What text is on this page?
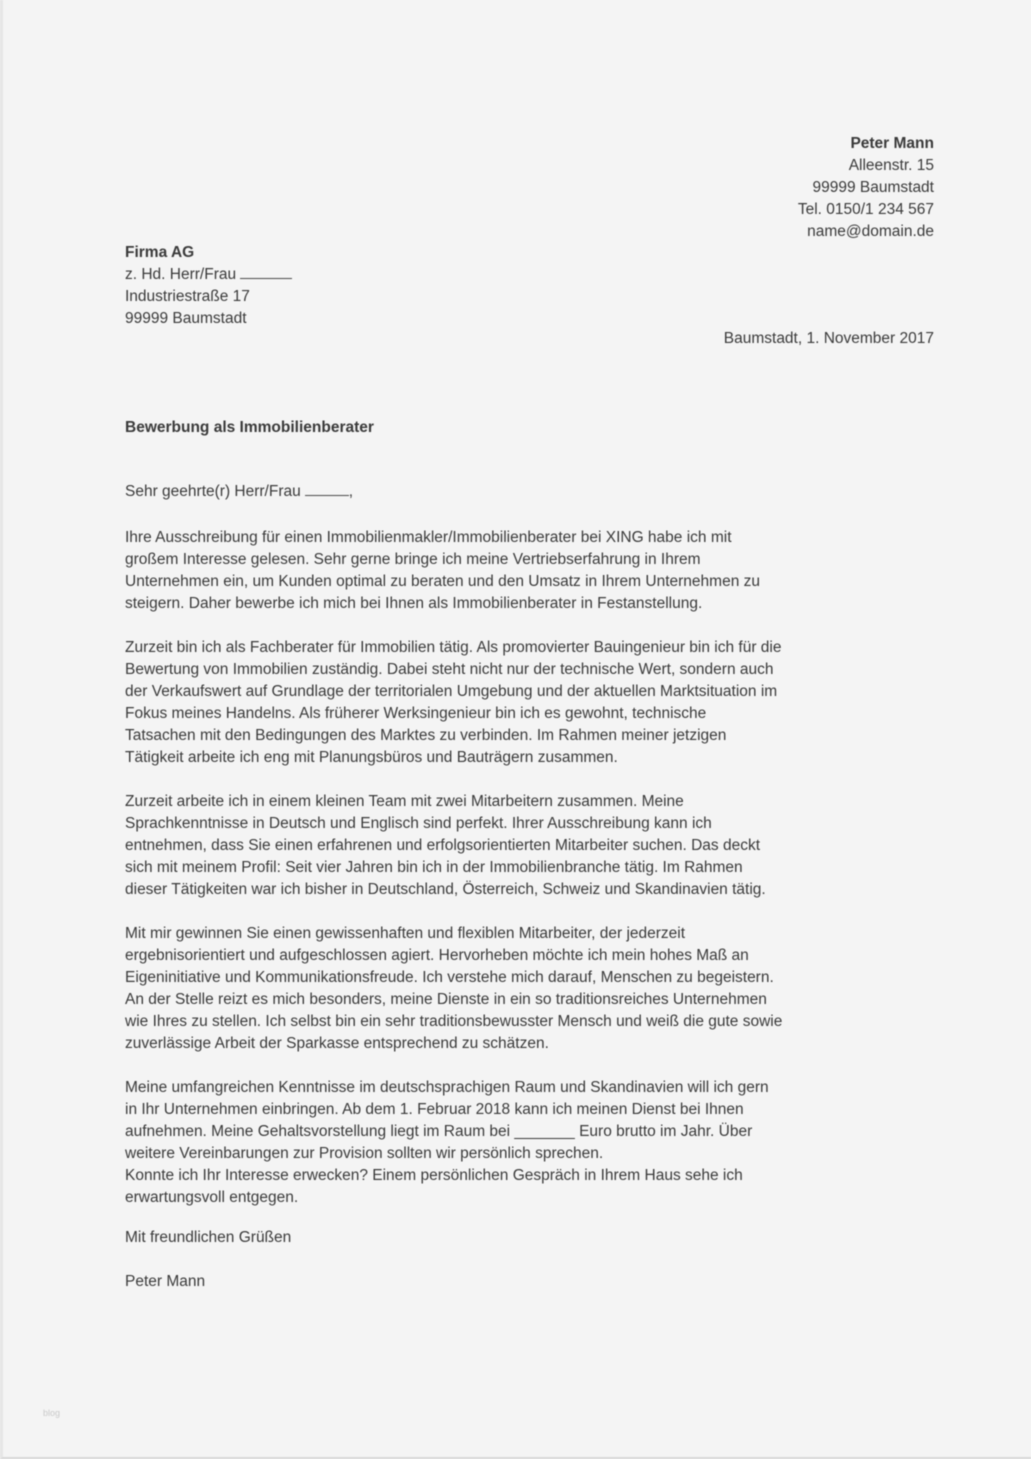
Peter Mann
Alleenstr. 15
99999 Baumstadt
Tel. 0150/1 234 567
name@domain.de
Firma AG
z. Hd. Herr/Frau
Industriestraße 17
99999 Baumstadt
Baumstadt, 1. November 2017
Bewerbung als Immobilienberater
Sehr geehrte(r) Herr/Frau	,

Ihre Ausschreibung für einen Immobilienmakler/Immobilienberater bei XING habe ich mit
großem Interesse gelesen. Sehr gerne bringe ich meine Vertriebserfahrung in Ihrem
Unternehmen ein, um Kunden optimal zu beraten und den Umsatz in Ihrem Unternehmen zu
steigern. Daher bewerbe ich mich bei Ihnen als Immobilienberater in Festanstellung.

Zurzeit bin ich als Fachberater für Immobilien tätig. Als promovierter Bauingenieur bin ich für die
Bewertung von Immobilien zuständig. Dabei steht nicht nur der technische Wert, sondern auch
der Verkaufswert auf Grundlage der territorialen Umgebung und der aktuellen Marktsituation im
Fokus meines Handelns. Als früherer Werksingenieur bin ich es gewohnt, technische
Tatsachen mit den Bedingungen des Marktes zu verbinden. Im Rahmen meiner jetzigen
Tätigkeit arbeite ich eng mit Planungsbüros und Bauträgern zusammen.

Zurzeit arbeite ich in einem kleinen Team mit zwei Mitarbeitern zusammen. Meine
Sprachkenntnisse in Deutsch und Englisch sind perfekt. Ihrer Ausschreibung kann ich
entnehmen, dass Sie einen erfahrenen und erfolgsorientierten Mitarbeiter suchen. Das deckt
sich mit meinem Profil: Seit vier Jahren bin ich in der Immobilienbranche tätig. Im Rahmen
dieser Tätigkeiten war ich bisher in Deutschland, Österreich, Schweiz und Skandinavien tätig.

Mit mir gewinnen Sie einen gewissenhaften und flexiblen Mitarbeiter, der jederzeit
ergebnisorientiert und aufgeschlossen agiert. Hervorheben möchte ich mein hohes Maß an
Eigeninitiative und Kommunikationsfreude. Ich verstehe mich darauf, Menschen zu begeistern.
An der Stelle reizt es mich besonders, meine Dienste in ein so traditionsreiches Unternehmen
wie Ihres zu stellen. Ich selbst bin ein sehr traditionsbewusster Mensch und weiß die gute sowie
zuverlässige Arbeit der Sparkasse entsprechend zu schätzen.

Meine umfangreichen Kenntnisse im deutschsprachigen Raum und Skandinavien will ich gern
in Ihr Unternehmen einbringen. Ab dem 1. Februar 2018 kann ich meinen Dienst bei Ihnen
aufnehmen. Meine Gehaltsvorstellung liegt im Raum bei _______ Euro brutto im Jahr. Über
weitere Vereinbarungen zur Provision sollten wir persönlich sprechen.
Konnte ich Ihr Interesse erwecken? Einem persönlichen Gespräch in Ihrem Haus sehe ich
erwartungsvoll entgegen.

Mit freundlichen Grüßen
Peter Mann
blog
